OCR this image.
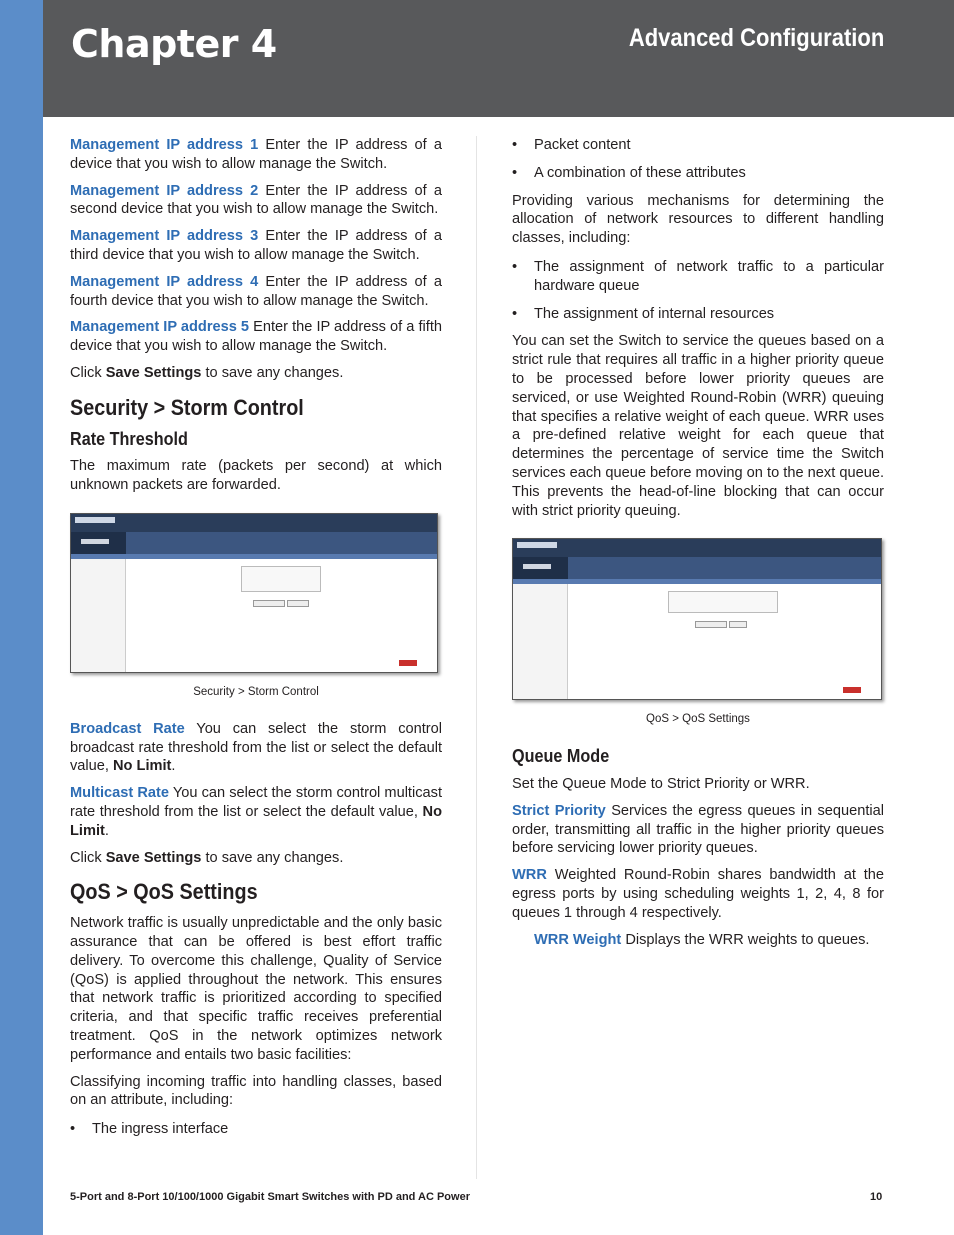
Chapter 4	Advanced Configuration

Management IP address 1 Enter the IP address of a device that you wish to allow manage the Switch.

Management IP address 2 Enter the IP address of a second device that you wish to allow manage the Switch.

Management IP address 3 Enter the IP address of a third device that you wish to allow manage the Switch.

Management IP address 4 Enter the IP address of a fourth device that you wish to allow manage the Switch.

Management IP address 5 Enter the IP address of a fifth device that you wish to allow manage the Switch.

Click Save Settings to save any changes.

Security > Storm Control
Rate Threshold

The maximum rate (packets per second) at which unknown packets are forwarded.

Security > Storm Control

Broadcast Rate You can select the storm control broadcast rate threshold from the list or select the default value, No Limit.

Multicast Rate You can select the storm control multicast rate threshold from the list or select the default value, No Limit.

Click Save Settings to save any changes.

QoS > QoS Settings

Network traffic is usually unpredictable and the only basic assurance that can be offered is best effort traffic delivery. To overcome this challenge, Quality of Service (QoS) is applied throughout the network. This ensures that network traffic is prioritized according to specified criteria, and that specific traffic receives preferential treatment. QoS in the network optimizes network performance and entails two basic facilities:

Classifying incoming traffic into handling classes, based on an attribute, including:

•	The ingress interface
•	Packet content
•	A combination of these attributes

Providing various mechanisms for determining the allocation of network resources to different handling classes, including:

•	The assignment of network traffic to a particular hardware queue
•	The assignment of internal resources

You can set the Switch to service the queues based on a strict rule that requires all traffic in a higher priority queue to be processed before lower priority queues are serviced, or use Weighted Round-Robin (WRR) queuing that specifies a relative weight of each queue. WRR uses a pre-defined relative weight for each queue that determines the percentage of service time the Switch services each queue before moving on to the next queue. This prevents the head-of-line blocking that can occur with strict priority queuing.

QoS > QoS Settings
Queue Mode

Set the Queue Mode to Strict Priority or WRR.

Strict Priority Services the egress queues in sequential order, transmitting all traffic in the higher priority queues before servicing lower priority queues.

WRR Weighted Round-Robin shares bandwidth at the egress ports by using scheduling weights 1, 2, 4, 8 for queues 1 through 4 respectively.

WRR Weight Displays the WRR weights to queues.

5-Port and 8-Port 10/100/1000 Gigabit Smart Switches with PD and AC Power	10
